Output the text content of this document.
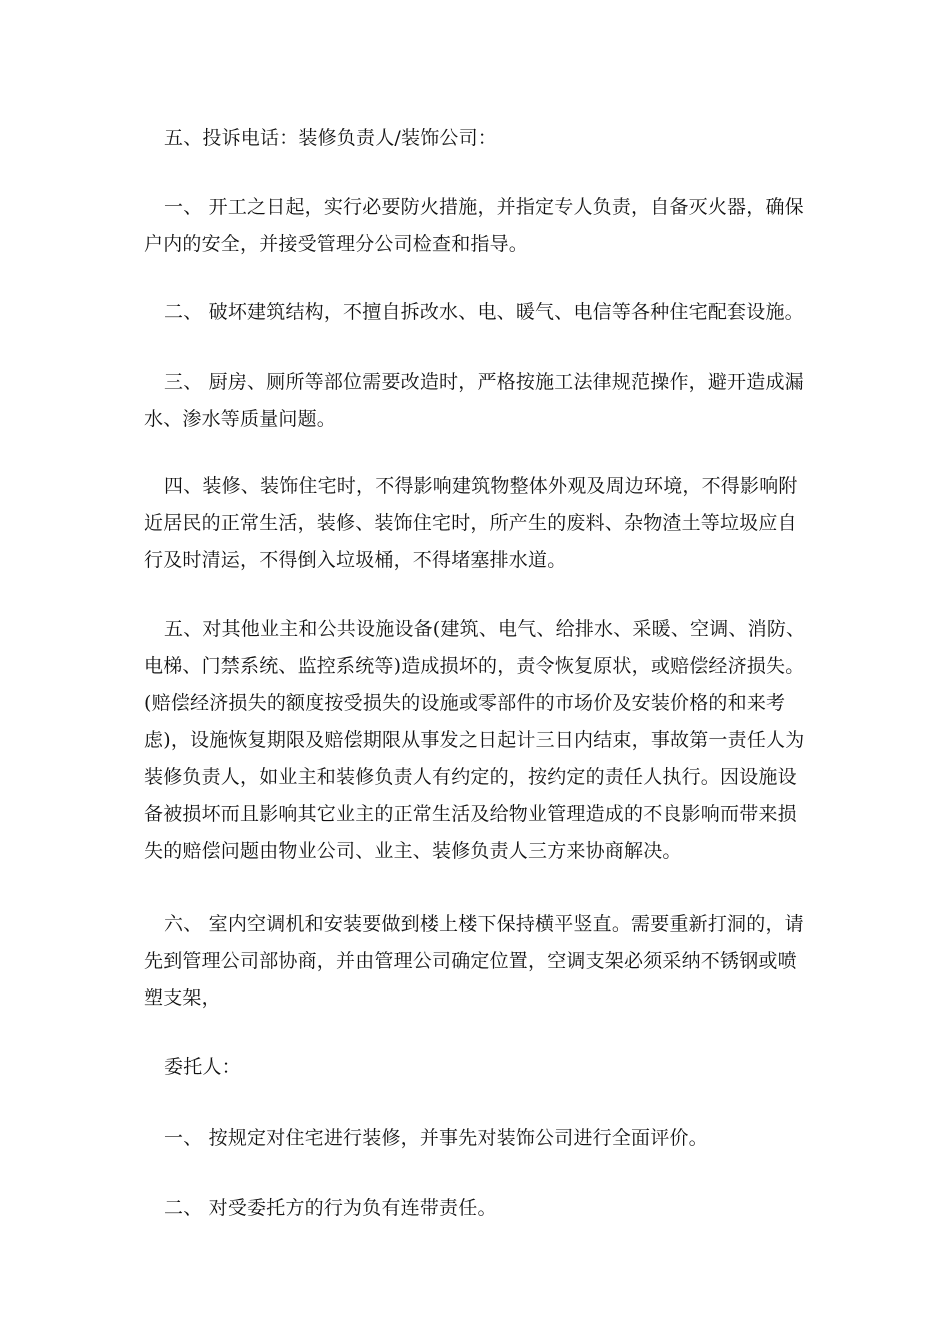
五、投诉电话：装修负责人/装饰公司：

一、 开工之日起，实行必要防火措施，并指定专人负责，自备灭火器，确保户内的安全，并接受管理分公司检查和指导。

二、 破坏建筑结构，不擅自拆改水、电、暖气、电信等各种住宅配套设施。

三、 厨房、厕所等部位需要改造时，严格按施工法律规范操作，避开造成漏水、渗水等质量问题。

四、装修、装饰住宅时，不得影响建筑物整体外观及周边环境，不得影响附近居民的正常生活，装修、装饰住宅时，所产生的废料、杂物渣土等垃圾应自行及时清运，不得倒入垃圾桶，不得堵塞排水道。

五、对其他业主和公共设施设备(建筑、电气、给排水、采暖、空调、消防、电梯、门禁系统、监控系统等)造成损坏的，责令恢复原状，或赔偿经济损失。(赔偿经济损失的额度按受损失的设施或零部件的市场价及安装价格的和来考虑)，设施恢复期限及赔偿期限从事发之日起计三日内结束，事故第一责任人为装修负责人，如业主和装修负责人有约定的，按约定的责任人执行。因设施设备被损坏而且影响其它业主的正常生活及给物业管理造成的不良影响而带来损失的赔偿问题由物业公司、业主、装修负责人三方来协商解决。

六、 室内空调机和安装要做到楼上楼下保持横平竖直。需要重新打洞的，请先到管理公司部协商，并由管理公司确定位置，空调支架必须采纳不锈钢或喷塑支架，

委托人：

一、 按规定对住宅进行装修，并事先对装饰公司进行全面评价。

二、 对受委托方的行为负有连带责任。
